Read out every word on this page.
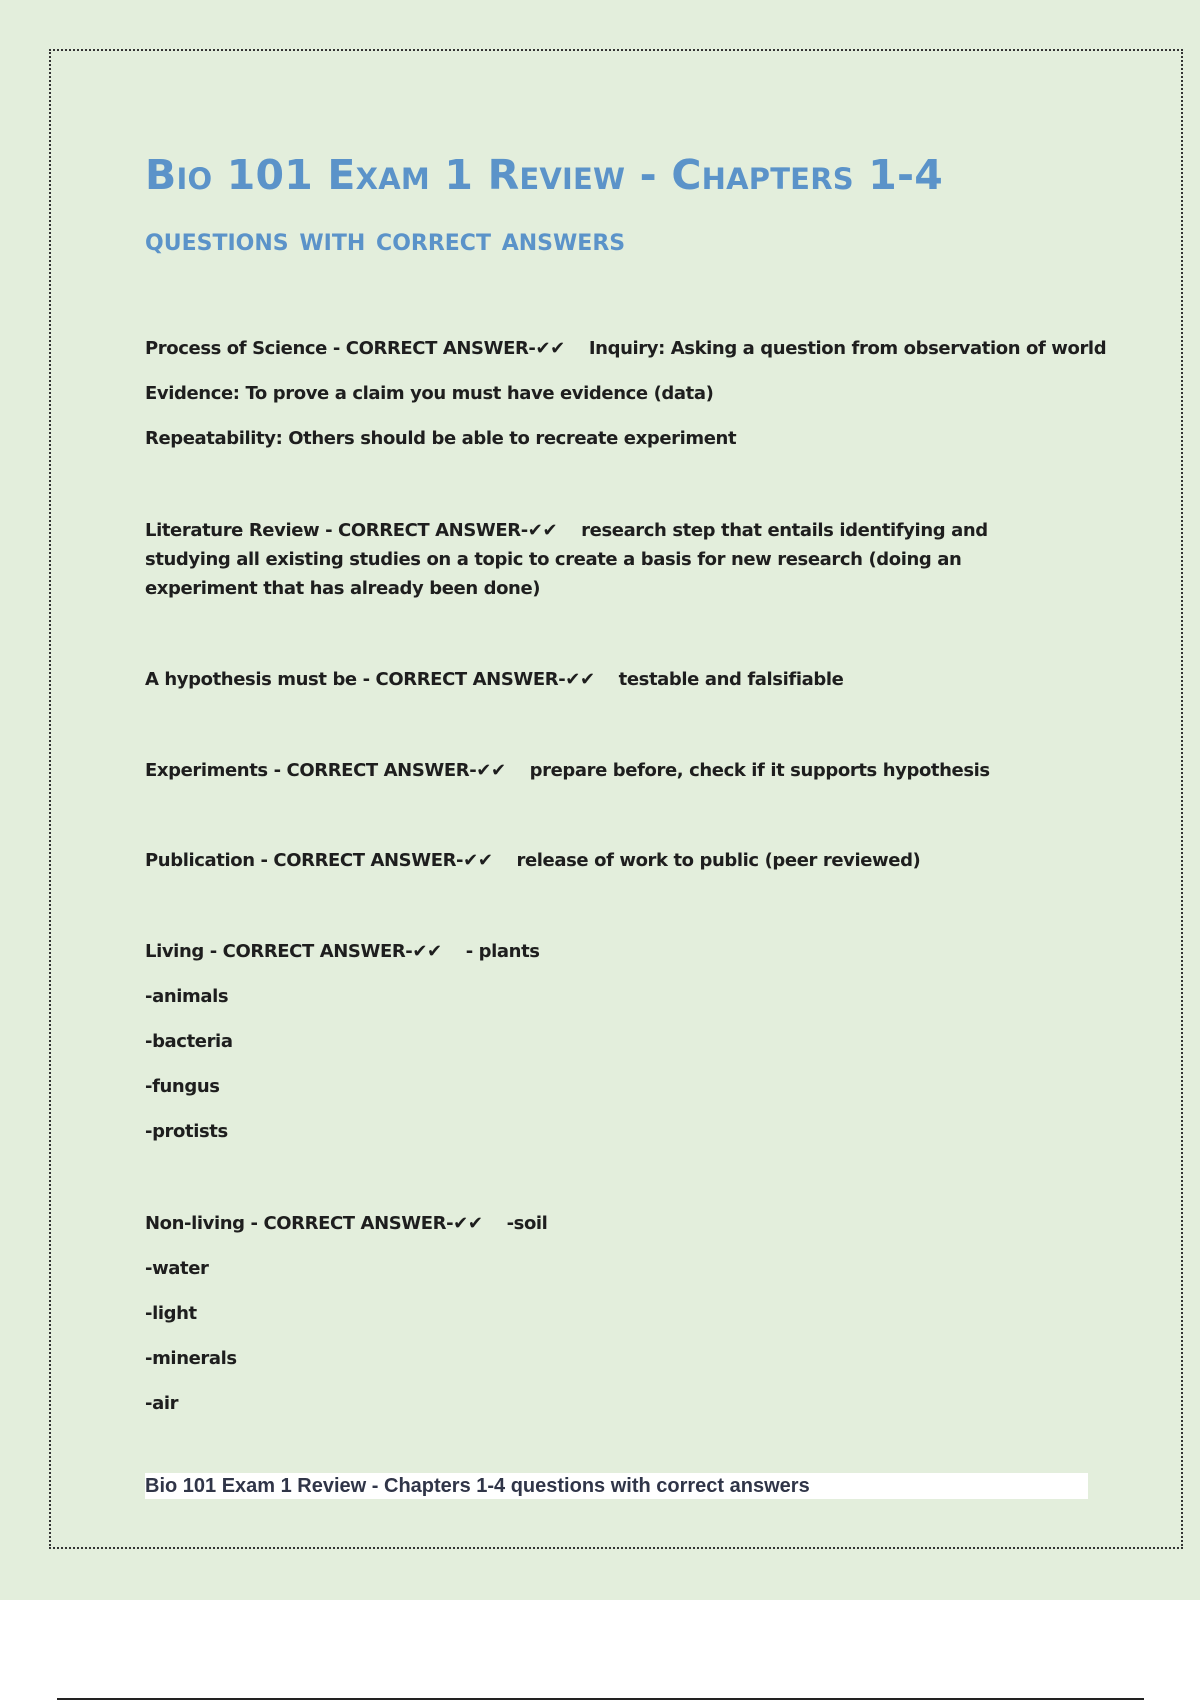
Bio 101 Exam 1 Review - Chapters 1-4
questions with correct answers
Process of Science - CORRECT ANSWER-✔✔ Inquiry: Asking a question from observation of world
Evidence: To prove a claim you must have evidence (data)
Repeatability: Others should be able to recreate experiment
Literature Review - CORRECT ANSWER-✔✔ research step that entails identifying and studying all existing studies on a topic to create a basis for new research (doing an experiment that has already been done)
A hypothesis must be - CORRECT ANSWER-✔✔ testable and falsifiable
Experiments - CORRECT ANSWER-✔✔ prepare before, check if it supports hypothesis
Publication - CORRECT ANSWER-✔✔ release of work to public (peer reviewed)
Living - CORRECT ANSWER-✔✔ - plants
-animals
-bacteria
-fungus
-protists
Non-living - CORRECT ANSWER-✔✔ -soil
-water
-light
-minerals
-air
Bio 101 Exam 1 Review - Chapters 1-4 questions with correct answers
